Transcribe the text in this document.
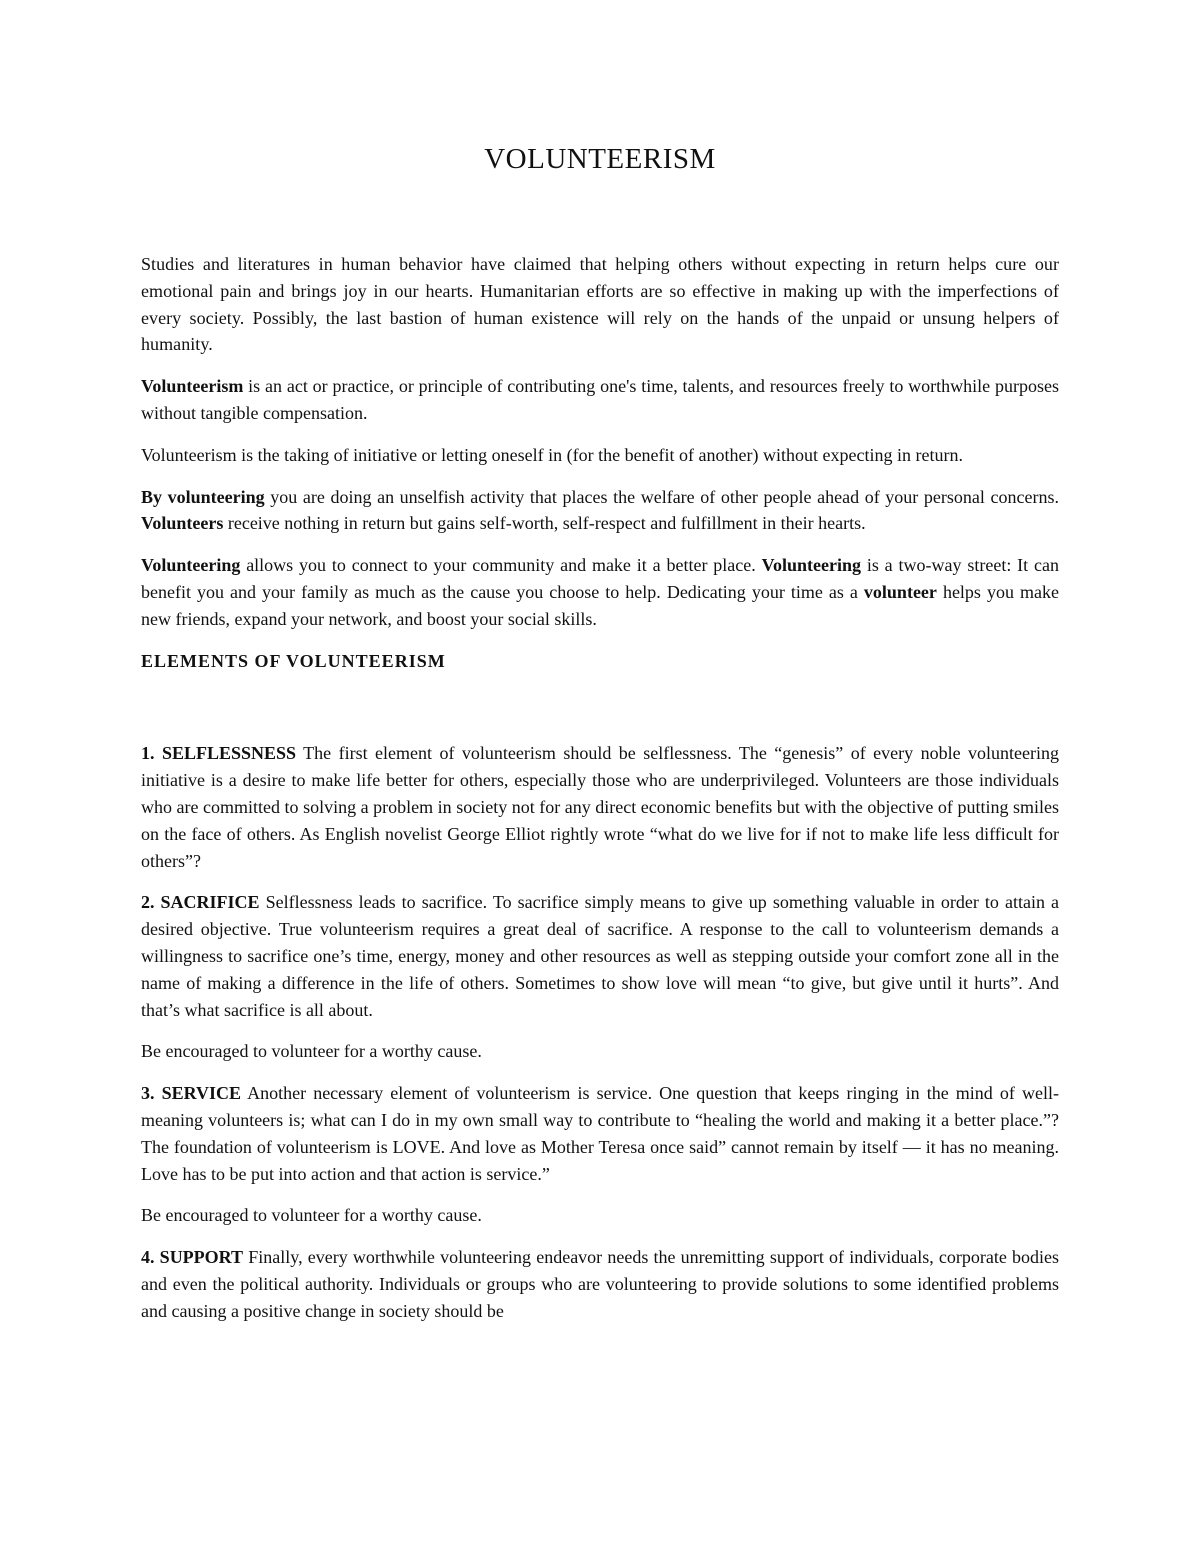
VOLUNTEERISM

Studies and literatures in human behavior have claimed that helping others without expecting in return helps cure our emotional pain and brings joy in our hearts. Humanitarian efforts are so effective in making up with the imperfections of every society. Possibly, the last bastion of human existence will rely on the hands of the unpaid or unsung helpers of humanity.

Volunteerism is an act or practice, or principle of contributing one's time, talents, and resources freely to worthwhile purposes without tangible compensation.

Volunteerism is the taking of initiative or letting oneself in (for the benefit of another) without expecting in return.

By volunteering you are doing an unselfish activity that places the welfare of other people ahead of your personal concerns. Volunteers receive nothing in return but gains self-worth, self-respect and fulfillment in their hearts.

Volunteering allows you to connect to your community and make it a better place. Volunteering is a two-way street: It can benefit you and your family as much as the cause you choose to help. Dedicating your time as a volunteer helps you make new friends, expand your network, and boost your social skills.

ELEMENTS OF VOLUNTEERISM

1. SELFLESSNESS The first element of volunteerism should be selflessness. The “genesis” of every noble volunteering initiative is a desire to make life better for others, especially those who are underprivileged. Volunteers are those individuals who are committed to solving a problem in society not for any direct economic benefits but with the objective of putting smiles on the face of others. As English novelist George Elliot rightly wrote “what do we live for if not to make life less difficult for others”?

2. SACRIFICE Selflessness leads to sacrifice. To sacrifice simply means to give up something valuable in order to attain a desired objective. True volunteerism requires a great deal of sacrifice. A response to the call to volunteerism demands a willingness to sacrifice one’s time, energy, money and other resources as well as stepping outside your comfort zone all in the name of making a difference in the life of others. Sometimes to show love will mean “to give, but give until it hurts”. And that’s what sacrifice is all about.

Be encouraged to volunteer for a worthy cause.

3. SERVICE Another necessary element of volunteerism is service. One question that keeps ringing in the mind of well-meaning volunteers is; what can I do in my own small way to contribute to “healing the world and making it a better place.”? The foundation of volunteerism is LOVE. And love as Mother Teresa once said” cannot remain by itself — it has no meaning. Love has to be put into action and that action is service.”

Be encouraged to volunteer for a worthy cause.

4. SUPPORT Finally, every worthwhile volunteering endeavor needs the unremitting support of individuals, corporate bodies and even the political authority. Individuals or groups who are volunteering to provide solutions to some identified problems and causing a positive change in society should be
